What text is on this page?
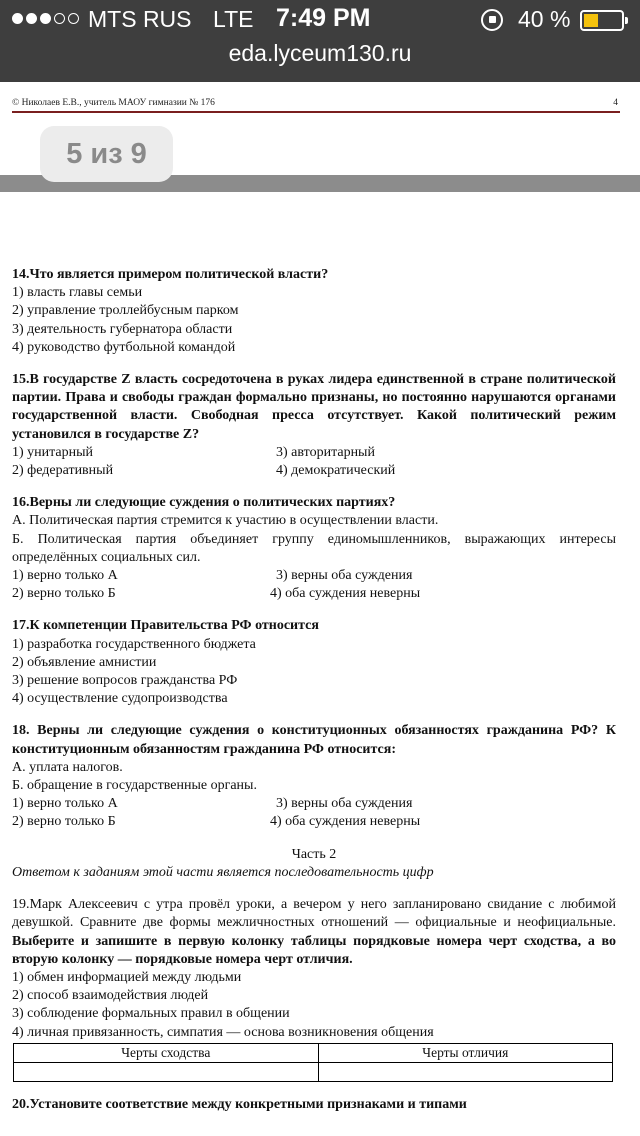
MTS RUS LTE 7:49 PM	40 %
eda.lyceum130.ru
© Николаев Е.В., учитель МАОУ гимназии № 176	4
5 из 9
14.Что является примером политической власти?
1) власть главы семьи
2) управление троллейбусным парком
3) деятельность губернатора области
4) руководство футбольной командой
15.В государстве Z власть сосредоточена в руках лидера единственной в стране политической партии. Права и свободы граждан формально признаны, но постоянно нарушаются органами государственной власти. Свободная пресса отсутствует. Какой политический режим установился в государстве Z?
1) унитарный	3) авторитарный
2) федеративный	4) демократический
16.Верны ли следующие суждения о политических партиях?
А. Политическая партия стремится к участию в осуществлении власти.
Б. Политическая партия объединяет группу единомышленников, выражающих интересы определённых социальных сил.
1) верно только А	3) верны оба суждения
2) верно только Б	4) оба суждения неверны
17.К компетенции Правительства РФ относится
1) разработка государственного бюджета
2) объявление амнистии
3) решение вопросов гражданства РФ
4) осуществление судопроизводства
18. Верны ли следующие суждения о конституционных обязанностях гражданина РФ? К конституционным обязанностям гражданина РФ относится:
А. уплата налогов.
Б. обращение в государственные органы.
1) верно только А	3) верны оба суждения
2) верно только Б	4) оба суждения неверны
Часть 2
Ответом к заданиям этой части является последовательность цифр
19.Марк Алексеевич с утра провёл уроки, а вечером у него запланировано свидание с любимой девушкой. Сравните две формы межличностных отношений — официальные и неофициальные. Выберите и запишите в первую колонку таблицы порядковые номера черт сходства, а во вторую колонку — порядковые номера черт отличия.
1) обмен информацией между людьми
2) способ взаимодействия людей
3) соблюдение формальных правил в общении
4) личная привязанность, симпатия — основа возникновения общения
Черты сходства	Черты отличия

20.Установите соответствие между конкретными признаками и типами
